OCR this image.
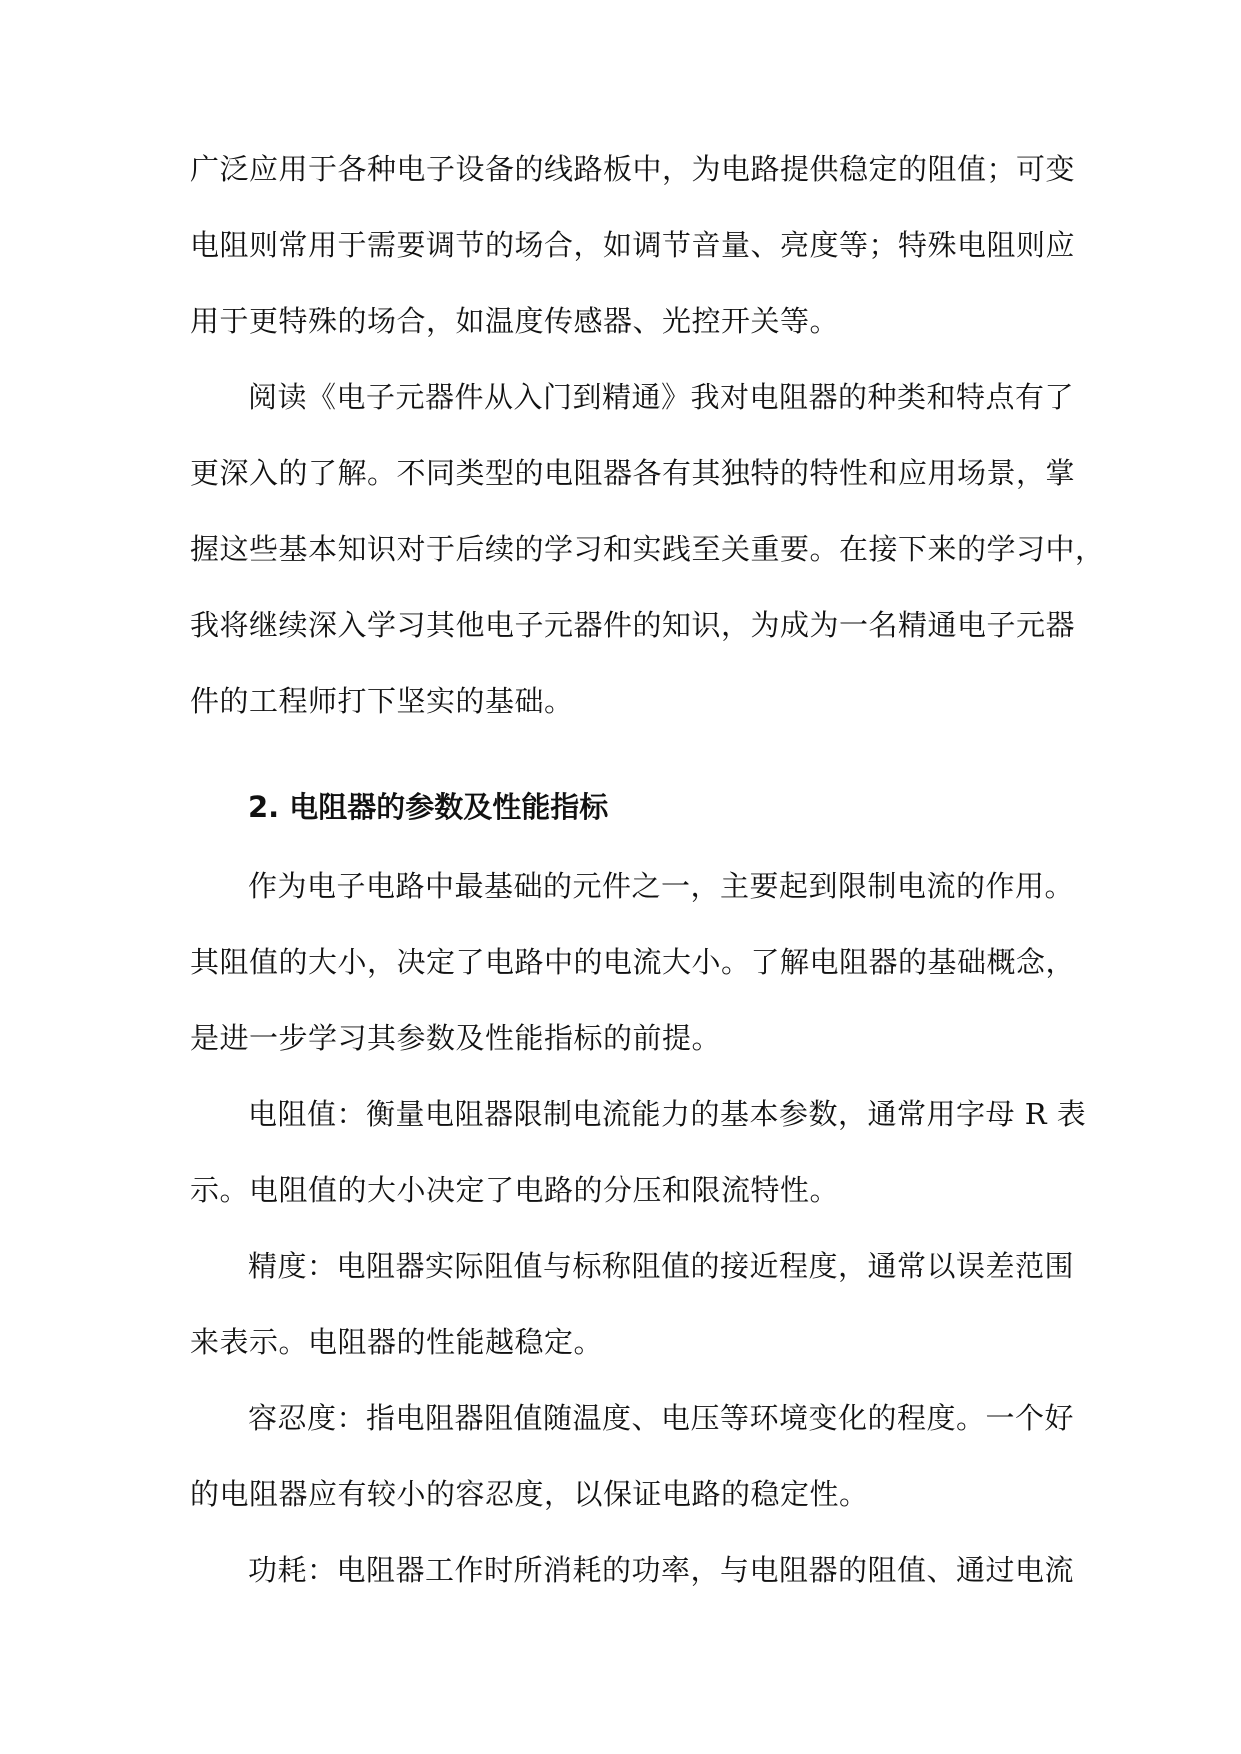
广泛应用于各种电子设备的线路板中，为电路提供稳定的阻值；可变
电阻则常用于需要调节的场合，如调节音量、亮度等；特殊电阻则应
用于更特殊的场合，如温度传感器、光控开关等。
阅读《电子元器件从入门到精通》我对电阻器的种类和特点有了
更深入的了解。不同类型的电阻器各有其独特的特性和应用场景，掌
握这些基本知识对于后续的学习和实践至关重要。在接下来的学习中，
我将继续深入学习其他电子元器件的知识，为成为一名精通电子元器
件的工程师打下坚实的基础。
2. 电阻器的参数及性能指标
作为电子电路中最基础的元件之一，主要起到限制电流的作用。
其阻值的大小，决定了电路中的电流大小。了解电阻器的基础概念，
是进一步学习其参数及性能指标的前提。
电阻值：衡量电阻器限制电流能力的基本参数，通常用字母 R 表
示。电阻值的大小决定了电路的分压和限流特性。
精度：电阻器实际阻值与标称阻值的接近程度，通常以误差范围
来表示。电阻器的性能越稳定。
容忍度：指电阻器阻值随温度、电压等环境变化的程度。一个好
的电阻器应有较小的容忍度，以保证电路的稳定性。
功耗：电阻器工作时所消耗的功率，与电阻器的阻值、通过电流
